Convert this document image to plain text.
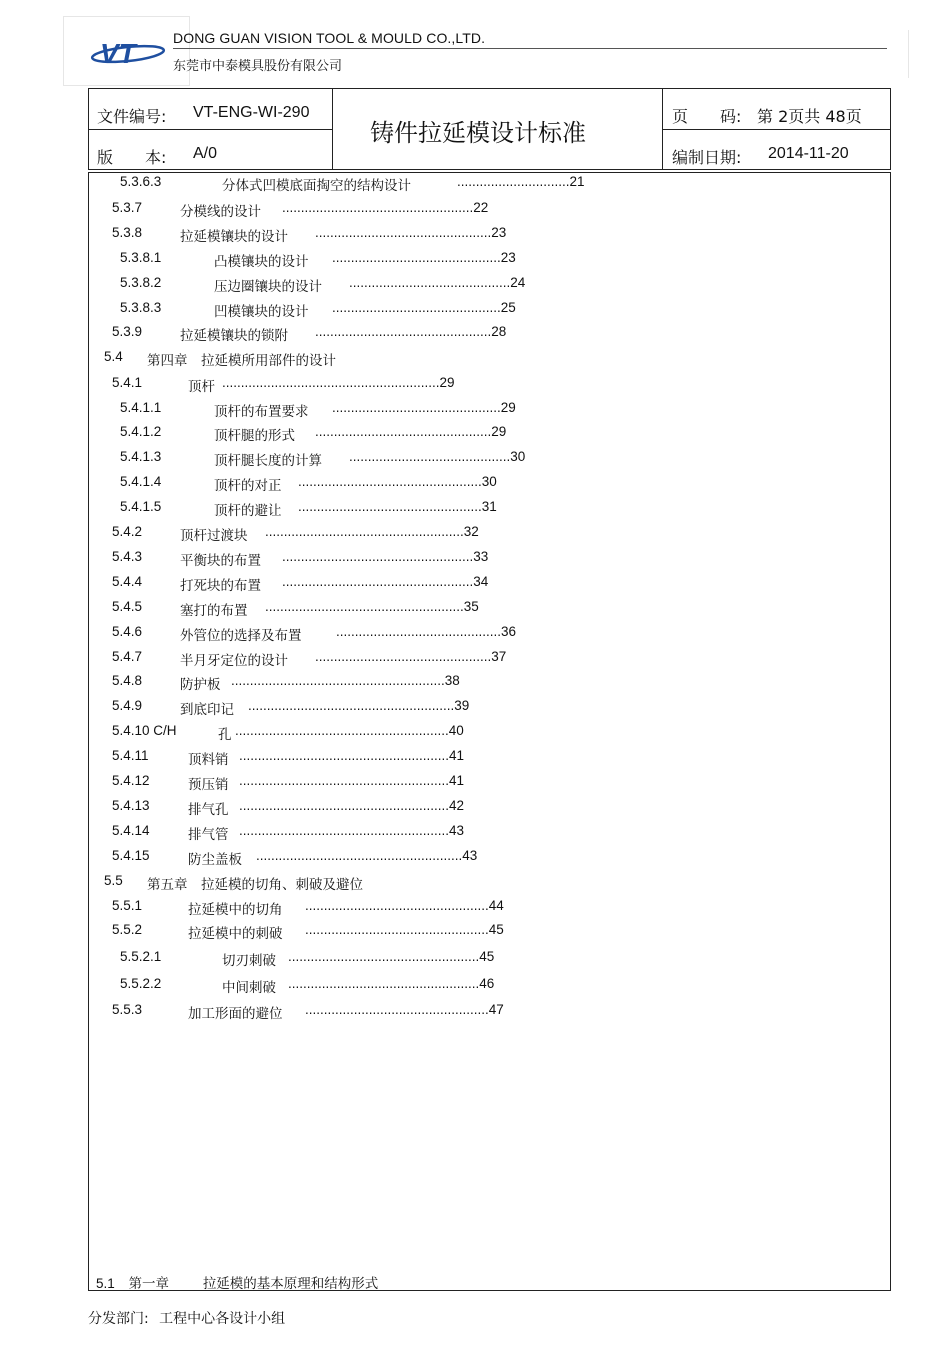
VT	DONG GUAN VISION TOOL & MOULD CO.,LTD.
东莞市中泰模具股份有限公司
文件编号: VT-ENG-WI-290
版　　本: A/0
铸件拉延模设计标准
页　　码: 第 2页共 48页
编制日期: 2014-11-20
5.3.6.3	分体式凹模底面掏空的结构设计	..............................21
5.3.7	分模线的设计 ...................................................22
5.3.8	拉延模镶块的设计 ...............................................23
5.3.8.1	凸模镶块的设计 .............................................23
5.3.8.2	压边圈镶块的设计 ...........................................24
5.3.8.3	凹模镶块的设计 .............................................25
5.3.9	拉延模镶块的锁附 ...............................................28
5.4 第四章　拉延模所用部件的设计
5.4.1	顶杆 ..........................................................29
5.4.1.1	顶杆的布置要求 .............................................29
5.4.1.2	顶杆腿的形式 ...............................................29
5.4.1.3	顶杆腿长度的计算 ...........................................30
5.4.1.4	顶杆的对正 .................................................30
5.4.1.5	顶杆的避让 .................................................31
5.4.2	顶杆过渡块 .....................................................32
5.4.3	平衡块的布置 ...................................................33
5.4.4	打死块的布置 ...................................................34
5.4.5	塞打的布置 .....................................................35
5.4.6	外管位的选择及布置	............................................36
5.4.7	半月牙定位的设计 ...............................................37
5.4.8	防护板 .........................................................38
5.4.9	到底印记 .......................................................39
5.4.10 C/H	孔 .........................................................40
5.4.11	顶料销 ........................................................41
5.4.12	预压销 ........................................................41
5.4.13	排气孔 ........................................................42
5.4.14	排气管 ........................................................43
5.4.15	防尘盖板 .......................................................43
5.5 第五章　拉延模的切角、刺破及避位
5.5.1	拉延模中的切角 .................................................44
5.5.2	拉延模中的刺破 .................................................45
5.5.2.1	切刃刺破 ...................................................45
5.5.2.2	中间刺破 ...................................................46
5.5.3	加工形面的避位 .................................................47
5.1 第一章	拉延模的基本原理和结构形式
分发部门: 工程中心各设计小组
